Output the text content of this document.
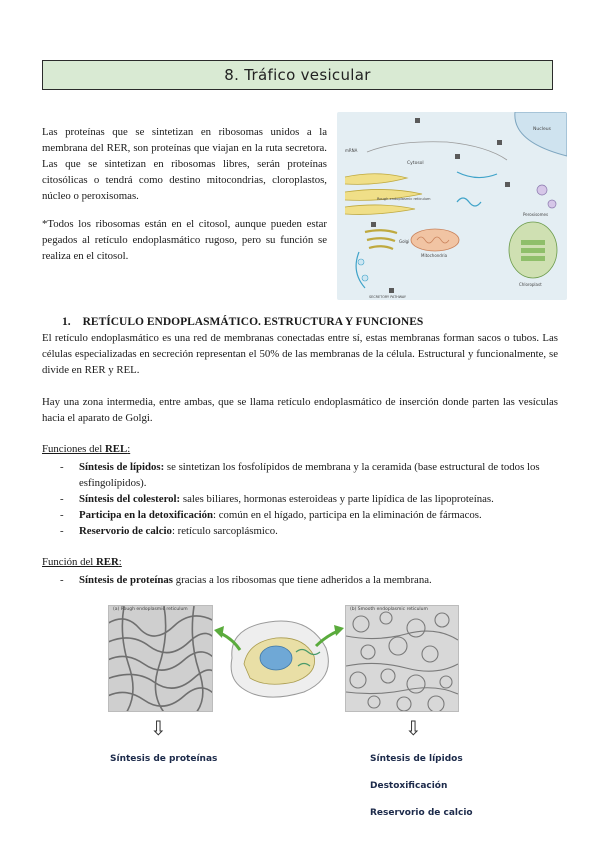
8. Tráfico vesicular

Las proteínas que se sintetizan en ribosomas unidos a la membrana del RER, son proteínas que viajan en la ruta secretora. Las que se sintetizan en ribosomas libres, serán proteínas citosólicas o tendrá como destino mitocondrias, cloroplastos, núcleo o peroxisomas.

*Todos los ribosomas están en el citosol, aunque pueden estar pegados al retículo endoplasmático rugoso, pero su función se realiza en el citosol.

Nucleus
Cytosol
mRNA
Rough endoplasmic reticulum
Golgi
Mitochondria
Chloroplast
Peroxisomes
SECRETORY PATHWAY
1. RETÍCULO ENDOPLASMÁTICO. ESTRUCTURA Y FUNCIONES
El retículo endoplasmático es una red de membranas conectadas entre sí, estas membranas forman sacos o tubos. Las células especializadas en secreción representan el 50% de las membranas de la célula. Estructural y funcionalmente, se divide en RER y REL.
Hay una zona intermedia, entre ambas, que se llama retículo endoplasmático de inserción donde parten las vesículas hacia el aparato de Golgi.
Funciones del REL:
- Síntesis de lípidos: se sintetizan los fosfolípidos de membrana y la ceramida (base estructural de todos los esfingolípidos).
- Síntesis del colesterol: sales biliares, hormonas esteroideas y parte lipídica de las lipoproteínas.
- Participa en la detoxificación: común en el hígado, participa en la eliminación de fármacos.
- Reservorio de calcio: retículo sarcoplásmico.
Función del RER:
- Síntesis de proteínas gracias a los ribosomas que tiene adheridos a la membrana.
(a) Rough endoplasmic reticulum	(b) Smooth endoplasmic reticulum
⇩	⇩
Síntesis de proteínas	Síntesis de lípidos
Destoxificación
Reservorio de calcio
